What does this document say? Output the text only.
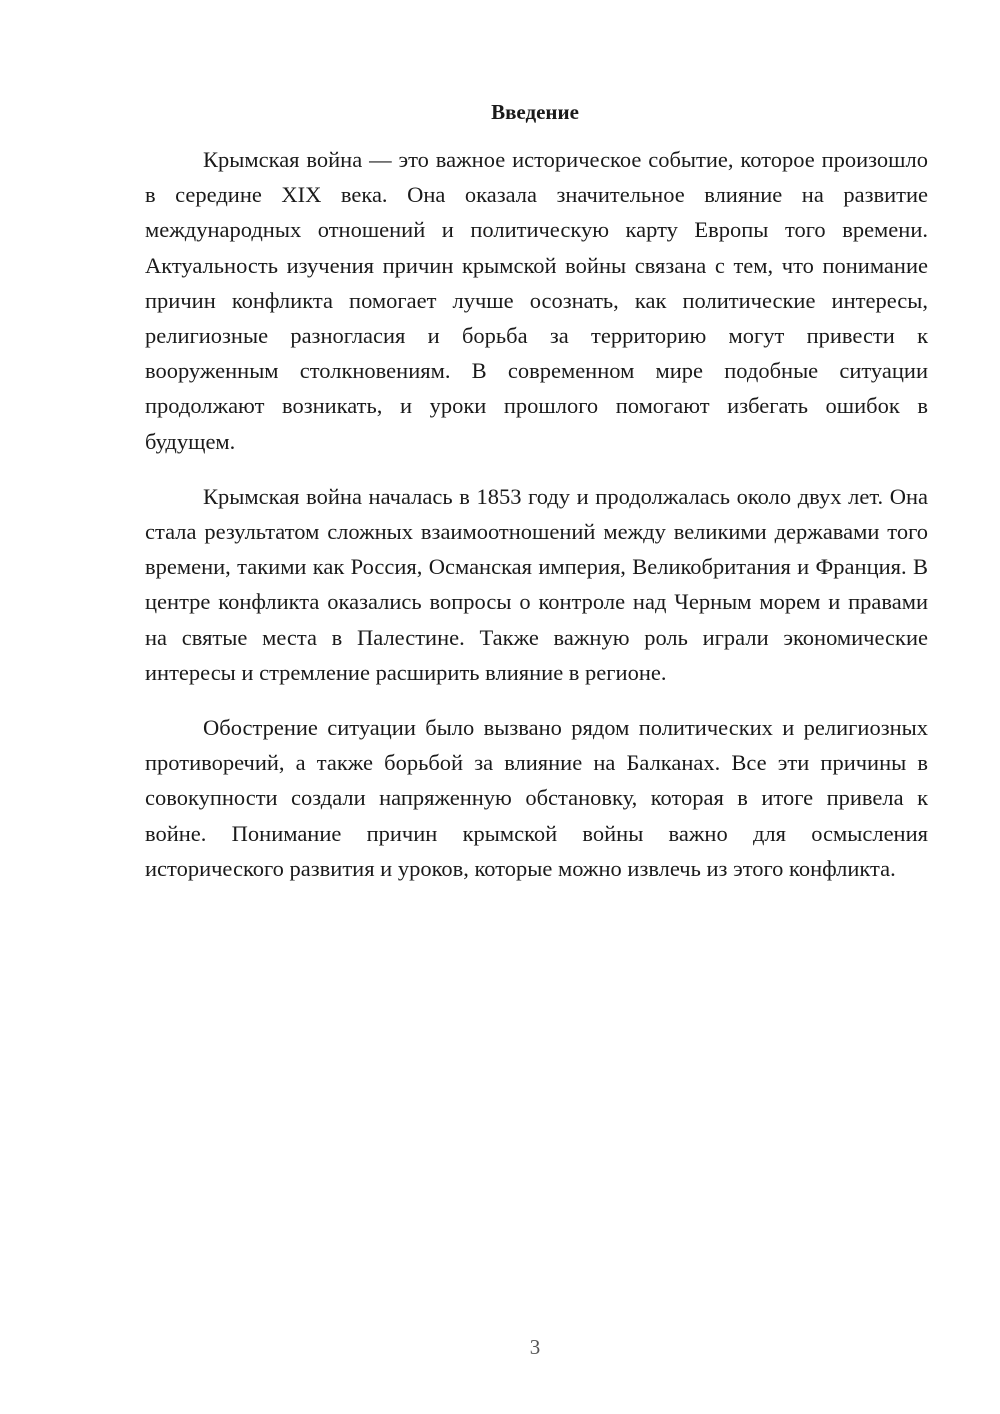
Введение

Крымская война — это важное историческое событие, которое произошло в середине XIX века. Она оказала значительное влияние на развитие международных отношений и политическую карту Европы того времени. Актуальность изучения причин крымской войны связана с тем, что понимание причин конфликта помогает лучше осознать, как политические интересы, религиозные разногласия и борьба за территорию могут привести к вооруженным столкновениям. В современном мире подобные ситуации продолжают возникать, и уроки прошлого помогают избегать ошибок в будущем.

Крымская война началась в 1853 году и продолжалась около двух лет. Она стала результатом сложных взаимоотношений между великими державами того времени, такими как Россия, Османская империя, Великобритания и Франция. В центре конфликта оказались вопросы о контроле над Черным морем и правами на святые места в Палестине. Также важную роль играли экономические интересы и стремление расширить влияние в регионе.

Обострение ситуации было вызвано рядом политических и религиозных противоречий, а также борьбой за влияние на Балканах. Все эти причины в совокупности создали напряженную обстановку, которая в итоге привела к войне. Понимание причин крымской войны важно для осмысления исторического развития и уроков, которые можно извлечь из этого конфликта.

3
